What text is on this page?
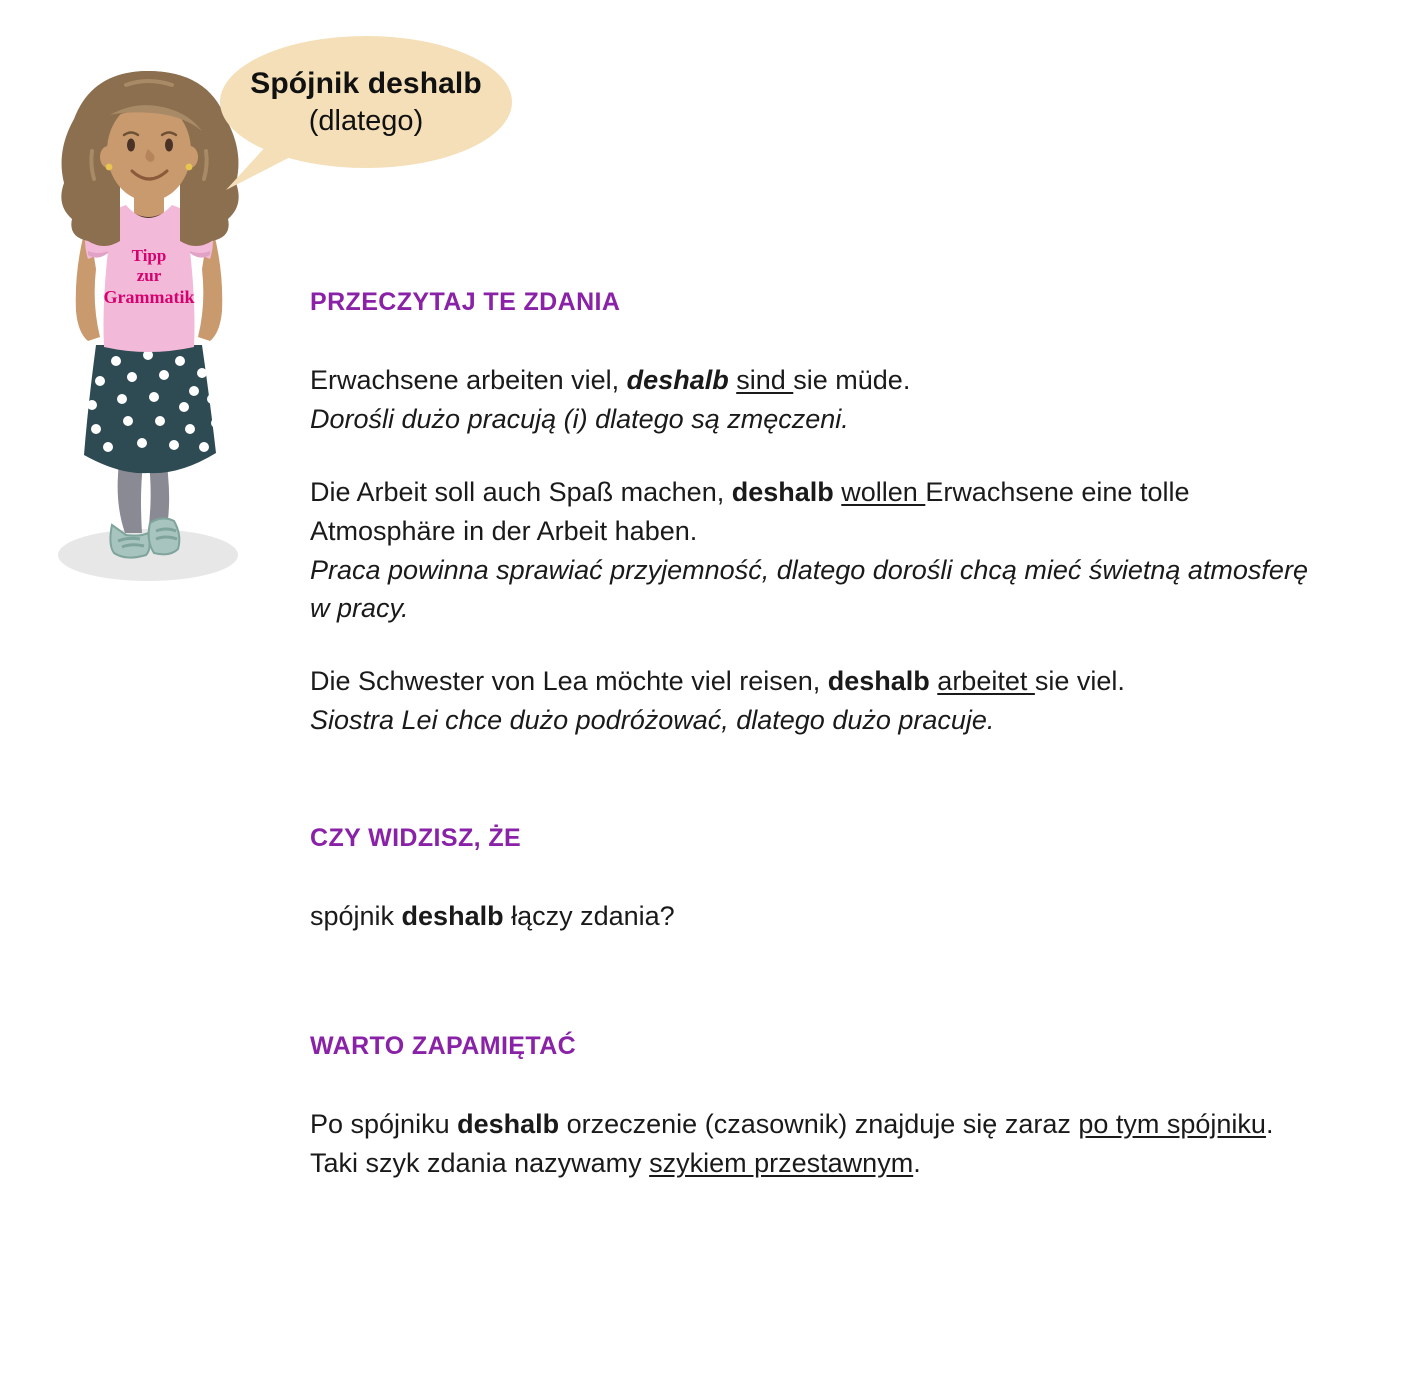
Tipp
zur
Grammatik
Spójnik deshalb
(dlatego)
PRZECZYTAJ TE ZDANIA

Erwachsene arbeiten viel, deshalb sind sie müde.

Dorośli dużo pracują (i) dlatego są zmęczeni.

Die Arbeit soll auch Spaß machen, deshalb wollen Erwachsene eine tolle Atmosphäre in der Arbeit haben.

Praca powinna sprawiać przyjemność, dlatego dorośli chcą mieć świetną atmosferę w pracy.

Die Schwester von Lea möchte viel reisen, deshalb arbeitet sie viel.

Siostra Lei chce dużo podróżować, dlatego dużo pracuje.

CZY WIDZISZ, ŻE

spójnik deshalb łączy zdania?

WARTO ZAPAMIĘTAĆ

Po spójniku deshalb orzeczenie (czasownik) znajduje się zaraz po tym spójniku.

Taki szyk zdania nazywamy szykiem przestawnym.
